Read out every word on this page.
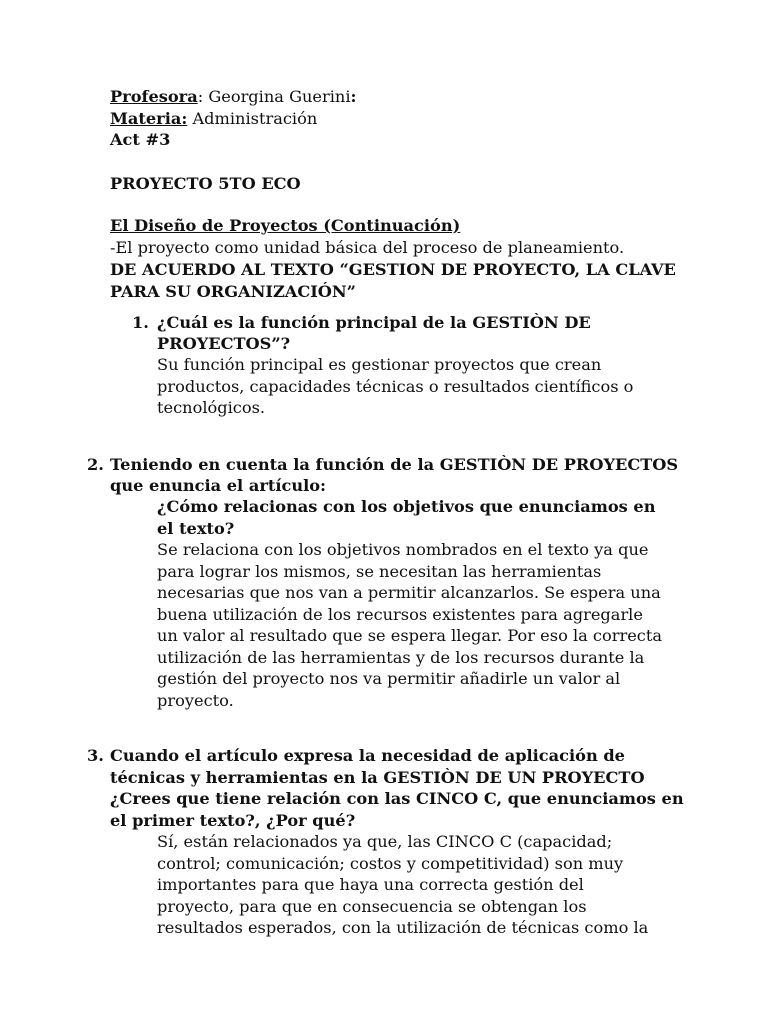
Profesora: Georgina Guerini:
Materia: Administración
Act #3
PROYECTO 5TO ECO
El Diseño de Proyectos (Continuación)
-El proyecto como unidad básica del proceso de planeamiento.
DE ACUERDO AL TEXTO “GESTION DE PROYECTO, LA CLAVE
PARA SU ORGANIZACIÓN”
1. ¿Cuál es la función principal de la GESTIÒN DE
PROYECTOS”?
Su función principal es gestionar proyectos que crean
productos, capacidades técnicas o resultados científicos o
tecnológicos.
2. Teniendo en cuenta la función de la GESTIÒN DE PROYECTOS
que enuncia el artículo:
¿Cómo relacionas con los objetivos que enunciamos en
el texto?
Se relaciona con los objetivos nombrados en el texto ya que
para lograr los mismos, se necesitan las herramientas
necesarias que nos van a permitir alcanzarlos. Se espera una
buena utilización de los recursos existentes para agregarle
un valor al resultado que se espera llegar. Por eso la correcta
utilización de las herramientas y de los recursos durante la
gestión del proyecto nos va permitir añadirle un valor al
proyecto.
3. Cuando el artículo expresa la necesidad de aplicación de
técnicas y herramientas en la GESTIÒN DE UN PROYECTO
¿Crees que tiene relación con las CINCO C, que enunciamos en
el primer texto?, ¿Por qué?
Sí, están relacionados ya que, las CINCO C (capacidad;
control; comunicación; costos y competitividad) son muy
importantes para que haya una correcta gestión del
proyecto, para que en consecuencia se obtengan los
resultados esperados, con la utilización de técnicas como la
